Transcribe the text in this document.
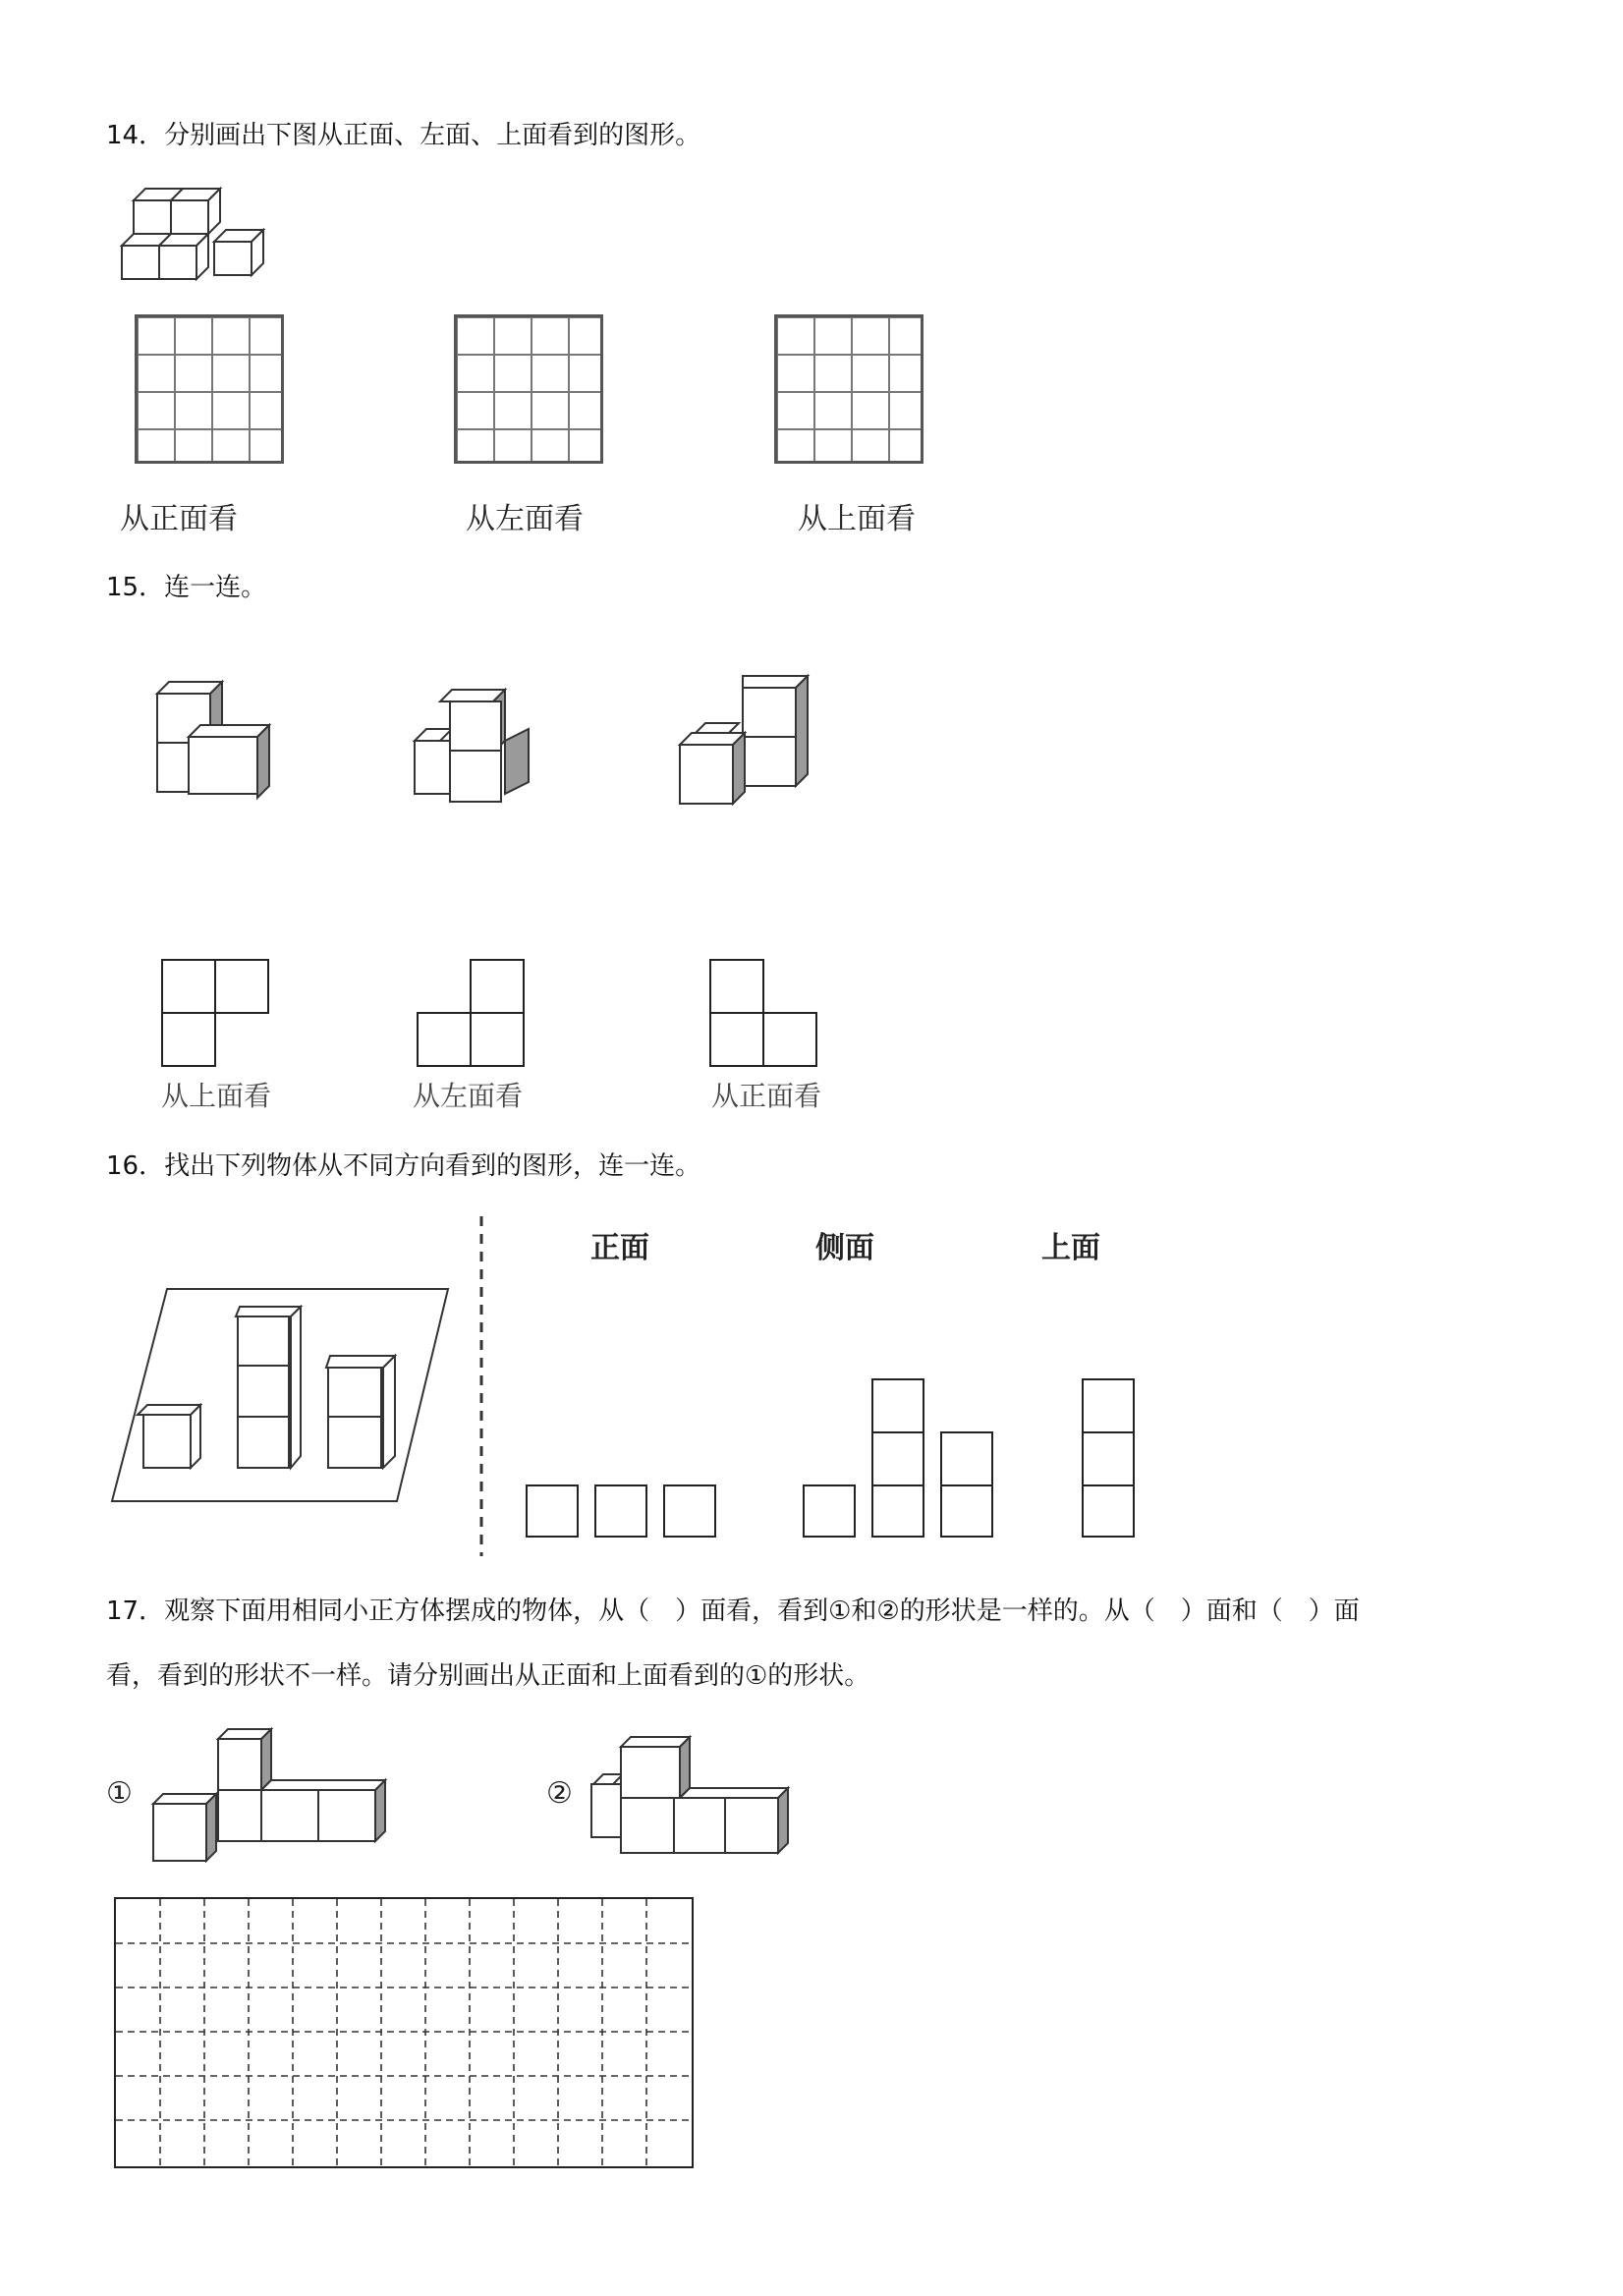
14．分别画出下图从正面、左面、上面看到的图形。
从正面看	从左面看	从上面看
15．连一连。
从上面看	从左面看	从正面看
16．找出下列物体从不同方向看到的图形，连一连。
正面	侧面	上面
17．观察下面用相同小正方体摆成的物体，从（　）面看，看到①和②的形状是一样的。从（　）面和（　）面
看，看到的形状不一样。请分别画出从正面和上面看到的①的形状。
①	②
